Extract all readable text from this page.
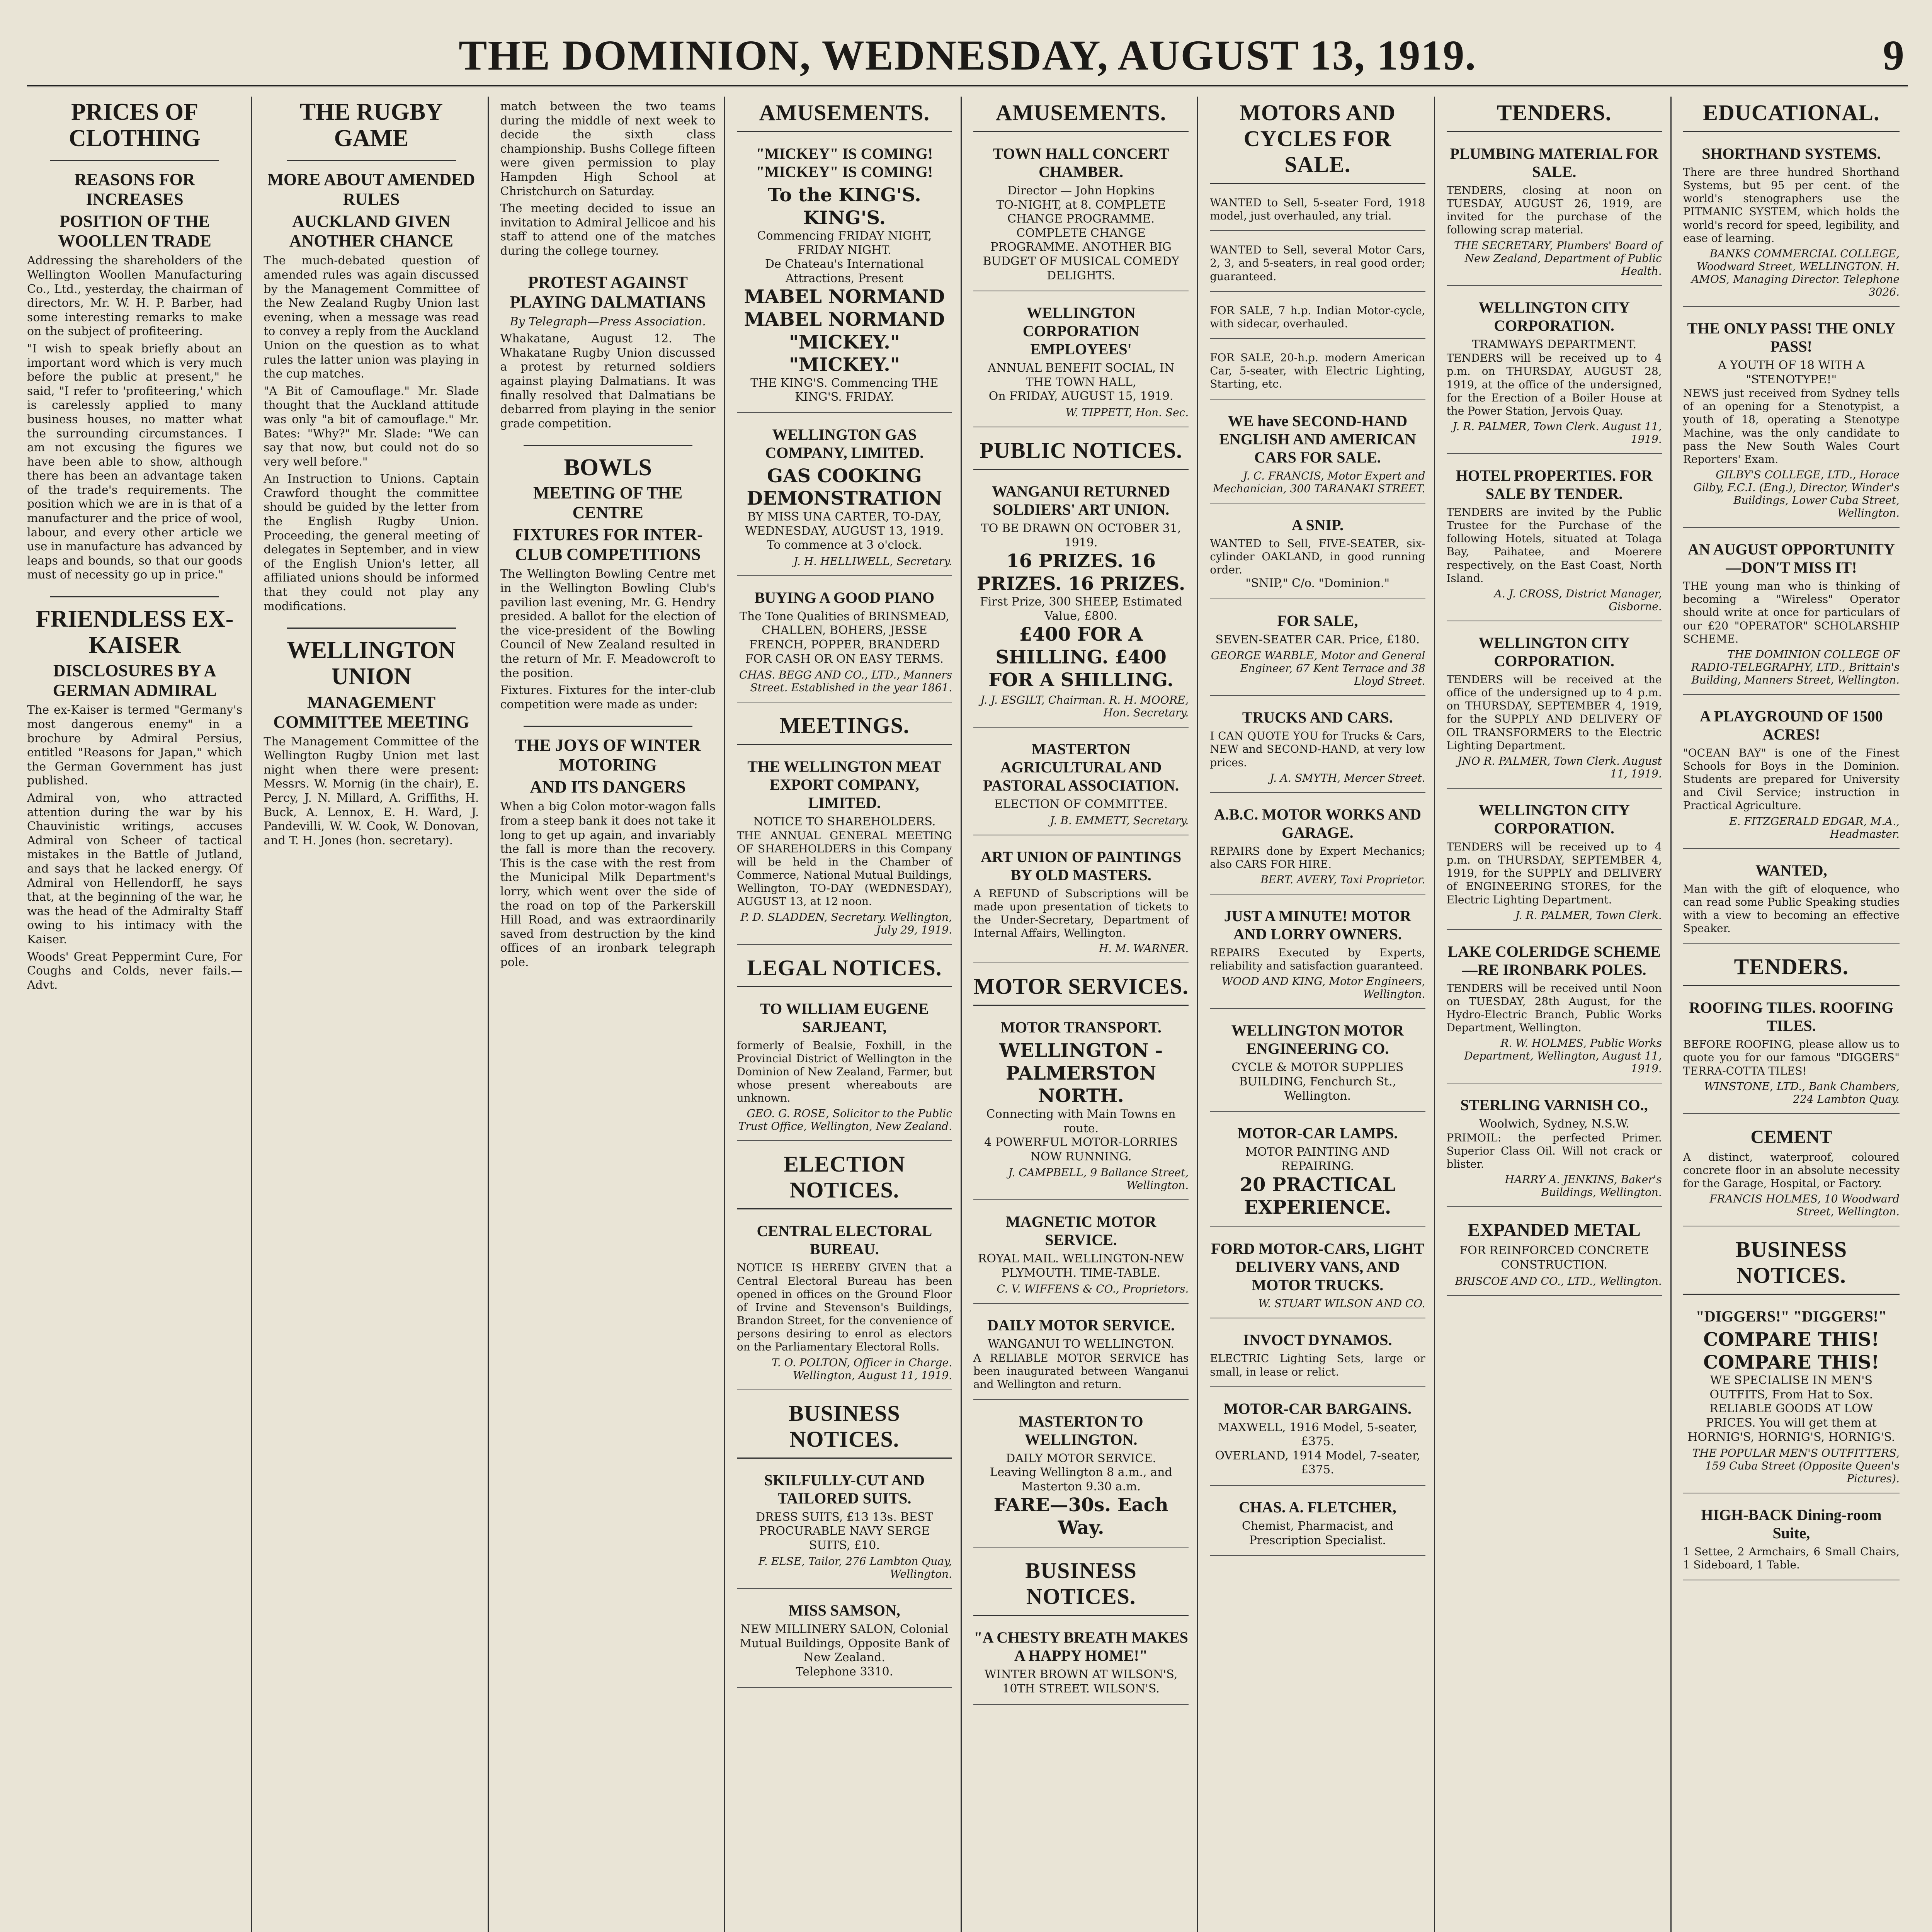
THE DOMINION, WEDNESDAY, AUGUST 13, 1919.	9
PRICES OF CLOTHING
REASONS FOR INCREASES
POSITION OF THE WOOLLEN TRADE

Addressing the shareholders of the Wellington Woollen Manufacturing Co., Ltd., yesterday, the chairman of directors, Mr. W. H. P. Barber, had some interesting remarks to make on the subject of profiteering.

"I wish to speak briefly about an important word which is very much before the public at present," he said, "I refer to 'profiteering,' which is carelessly applied to many business houses, no matter what the surrounding circumstances. I am not excusing the figures we have been able to show, although there has been an advantage taken of the trade's requirements. The position which we are in is that of a manufacturer and the price of wool, labour, and every other article we use in manufacture has advanced by leaps and bounds, so that our goods must of necessity go up in price."

FRIENDLESS EX-KAISER
DISCLOSURES BY A GERMAN ADMIRAL

The ex-Kaiser is termed "Germany's most dangerous enemy" in a brochure by Admiral Persius, entitled "Reasons for Japan," which the German Government has just published.

Admiral von, who attracted attention during the war by his Chauvinistic writings, accuses Admiral von Scheer of tactical mistakes in the Battle of Jutland, and says that he lacked energy. Of Admiral von Hellendorff, he says that, at the beginning of the war, he was the head of the Admiralty Staff owing to his intimacy with the Kaiser.

Woods' Great Peppermint Cure, For Coughs and Colds, never fails.—Advt.

THE RUGBY GAME
MORE ABOUT AMENDED RULES
AUCKLAND GIVEN ANOTHER CHANCE

The much-debated question of amended rules was again discussed by the Management Committee of the New Zealand Rugby Union last evening, when a message was read to convey a reply from the Auckland Union on the question as to what rules the latter union was playing in the cup matches.

"A Bit of Camouflage." Mr. Slade thought that the Auckland attitude was only "a bit of camouflage." Mr. Bates: "Why?" Mr. Slade: "We can say that now, but could not do so very well before."

An Instruction to Unions. Captain Crawford thought the committee should be guided by the letter from the English Rugby Union. Proceeding, the general meeting of delegates in September, and in view of the English Union's letter, all affiliated unions should be informed that they could not play any modifications.

WELLINGTON UNION
MANAGEMENT COMMITTEE MEETING

The Management Committee of the Wellington Rugby Union met last night when there were present: Messrs. W. Mornig (in the chair), E. Percy, J. N. Millard, A. Griffiths, H. Buck, A. Lennox, E. H. Ward, J. Pandevilli, W. W. Cook, W. Donovan, and T. H. Jones (hon. secretary).

match between the two teams during the middle of next week to decide the sixth class championship. Bushs College fifteen were given permission to play Hampden High School at Christchurch on Saturday.

The meeting decided to issue an invitation to Admiral Jellicoe and his staff to attend one of the matches during the college tourney.

PROTEST AGAINST PLAYING DALMATIANS
By Telegraph—Press Association.

Whakatane, August 12. The Whakatane Rugby Union discussed a protest by returned soldiers against playing Dalmatians. It was finally resolved that Dalmatians be debarred from playing in the senior grade competition.

BOWLS
MEETING OF THE CENTRE
FIXTURES FOR INTER-CLUB COMPETITIONS

The Wellington Bowling Centre met in the Wellington Bowling Club's pavilion last evening, Mr. G. Hendry presided. A ballot for the election of the vice-president of the Bowling Council of New Zealand resulted in the return of Mr. F. Meadowcroft to the position.

Fixtures. Fixtures for the inter-club competition were made as under:

THE JOYS OF WINTER MOTORING
AND ITS DANGERS

When a big Colon motor-wagon falls from a steep bank it does not take it long to get up again, and invariably the fall is more than the recovery. This is the case with the rest from the Municipal Milk Department's lorry, which went over the side of the road on top of the Parkerskill Hill Road, and was extraordinarily saved from destruction by the kind offices of an ironbark telegraph pole.

AMUSEMENTS.
"MICKEY" IS COMING! "MICKEY" IS COMING!
To the KING'S. KING'S.
Commencing FRIDAY NIGHT, FRIDAY NIGHT.
De Chateau's International Attractions, Present
MABEL NORMAND MABEL NORMAND
"MICKEY." "MICKEY."
THE KING'S. Commencing THE KING'S. FRIDAY.
WELLINGTON GAS COMPANY, LIMITED.
GAS COOKING DEMONSTRATION
BY MISS UNA CARTER, TO-DAY, WEDNESDAY, AUGUST 13, 1919.
To commence at 3 o'clock.
J. H. HELLIWELL, Secretary.
BUYING A GOOD PIANO
The Tone Qualities of BRINSMEAD, CHALLEN, BOHERS, JESSE FRENCH, POPPER, BRANDERD
FOR CASH OR ON EASY TERMS.
CHAS. BEGG AND CO., LTD., Manners Street. Established in the year 1861.
MEETINGS.
THE WELLINGTON MEAT EXPORT COMPANY, LIMITED.
NOTICE TO SHAREHOLDERS.
THE ANNUAL GENERAL MEETING OF SHAREHOLDERS in this Company will be held in the Chamber of Commerce, National Mutual Buildings, Wellington, TO-DAY (WEDNESDAY), AUGUST 13, at 12 noon.
P. D. SLADDEN, Secretary. Wellington, July 29, 1919.
LEGAL NOTICES.
TO WILLIAM EUGENE SARJEANT,
formerly of Bealsie, Foxhill, in the Provincial District of Wellington in the Dominion of New Zealand, Farmer, but whose present whereabouts are unknown.
GEO. G. ROSE, Solicitor to the Public Trust Office, Wellington, New Zealand.
ELECTION NOTICES.
CENTRAL ELECTORAL BUREAU.
NOTICE IS HEREBY GIVEN that a Central Electoral Bureau has been opened in offices on the Ground Floor of Irvine and Stevenson's Buildings, Brandon Street, for the convenience of persons desiring to enrol as electors on the Parliamentary Electoral Rolls.
T. O. POLTON, Officer in Charge. Wellington, August 11, 1919.
BUSINESS NOTICES.
SKILFULLY-CUT AND TAILORED SUITS.
DRESS SUITS, £13 13s. BEST PROCURABLE NAVY SERGE SUITS, £10.
F. ELSE, Tailor, 276 Lambton Quay, Wellington.
MISS SAMSON,
NEW MILLINERY SALON, Colonial Mutual Buildings, Opposite Bank of New Zealand.
Telephone 3310.
AMUSEMENTS.
TOWN HALL CONCERT CHAMBER.
Director — John Hopkins
TO-NIGHT, at 8. COMPLETE CHANGE PROGRAMME. COMPLETE CHANGE PROGRAMME. ANOTHER BIG BUDGET OF MUSICAL COMEDY DELIGHTS.
WELLINGTON CORPORATION EMPLOYEES'
ANNUAL BENEFIT SOCIAL, IN THE TOWN HALL,
On FRIDAY, AUGUST 15, 1919.
W. TIPPETT, Hon. Sec.
PUBLIC NOTICES.
WANGANUI RETURNED SOLDIERS' ART UNION.
TO BE DRAWN ON OCTOBER 31, 1919.
16 PRIZES. 16 PRIZES. 16 PRIZES.
First Prize, 300 SHEEP, Estimated Value, £800.
£400 FOR A SHILLING. £400 FOR A SHILLING.
J. J. ESGILT, Chairman. R. H. MOORE, Hon. Secretary.
MASTERTON AGRICULTURAL AND PASTORAL ASSOCIATION.
ELECTION OF COMMITTEE.
J. B. EMMETT, Secretary.
ART UNION OF PAINTINGS BY OLD MASTERS.
A REFUND of Subscriptions will be made upon presentation of tickets to the Under-Secretary, Department of Internal Affairs, Wellington.
H. M. WARNER.
MOTOR SERVICES.
MOTOR TRANSPORT.
WELLINGTON - PALMERSTON NORTH.
Connecting with Main Towns en route.
4 POWERFUL MOTOR-LORRIES NOW RUNNING.
J. CAMPBELL, 9 Ballance Street, Wellington.
MAGNETIC MOTOR SERVICE.
ROYAL MAIL. WELLINGTON-NEW PLYMOUTH. TIME-TABLE.
C. V. WIFFENS & CO., Proprietors.
DAILY MOTOR SERVICE.
WANGANUI TO WELLINGTON.
A RELIABLE MOTOR SERVICE has been inaugurated between Wanganui and Wellington and return.
MASTERTON TO WELLINGTON.
DAILY MOTOR SERVICE.
Leaving Wellington 8 a.m., and Masterton 9.30 a.m.
FARE—30s. Each Way.
BUSINESS NOTICES.
"A CHESTY BREATH MAKES A HAPPY HOME!"
WINTER BROWN AT WILSON'S, 10TH STREET. WILSON'S.
MOTORS AND CYCLES FOR SALE.
WANTED to Sell, 5-seater Ford, 1918 model, just overhauled, any trial.
WANTED to Sell, several Motor Cars, 2, 3, and 5-seaters, in real good order; guaranteed.
FOR SALE, 7 h.p. Indian Motor-cycle, with sidecar, overhauled.
FOR SALE, 20-h.p. modern American Car, 5-seater, with Electric Lighting, Starting, etc.
WE have SECOND-HAND ENGLISH AND AMERICAN CARS FOR SALE.
J. C. FRANCIS, Motor Expert and Mechanician, 300 TARANAKI STREET.
A SNIP.
WANTED to Sell, FIVE-SEATER, six-cylinder OAKLAND, in good running order.
"SNIP," C/o. "Dominion."
FOR SALE,
SEVEN-SEATER CAR. Price, £180.
GEORGE WARBLE, Motor and General Engineer, 67 Kent Terrace and 38 Lloyd Street.
TRUCKS AND CARS.
I CAN QUOTE YOU for Trucks & Cars, NEW and SECOND-HAND, at very low prices.
J. A. SMYTH, Mercer Street.
A.B.C. MOTOR WORKS AND GARAGE.
REPAIRS done by Expert Mechanics; also CARS FOR HIRE.
BERT. AVERY, Taxi Proprietor.
JUST A MINUTE! MOTOR AND LORRY OWNERS.
REPAIRS Executed by Experts, reliability and satisfaction guaranteed.
WOOD AND KING, Motor Engineers, Wellington.
WELLINGTON MOTOR ENGINEERING CO.
CYCLE & MOTOR SUPPLIES BUILDING, Fenchurch St., Wellington.
MOTOR-CAR LAMPS.
MOTOR PAINTING AND REPAIRING.
20 PRACTICAL EXPERIENCE.
FORD MOTOR-CARS, LIGHT DELIVERY VANS, AND MOTOR TRUCKS.
W. STUART WILSON AND CO.
INVOCT DYNAMOS.
ELECTRIC Lighting Sets, large or small, in lease or relict.
MOTOR-CAR BARGAINS.
MAXWELL, 1916 Model, 5-seater, £375.
OVERLAND, 1914 Model, 7-seater, £375.
CHAS. A. FLETCHER,
Chemist, Pharmacist, and Prescription Specialist.
TENDERS.
PLUMBING MATERIAL FOR SALE.
TENDERS, closing at noon on TUESDAY, AUGUST 26, 1919, are invited for the purchase of the following scrap material.
THE SECRETARY, Plumbers' Board of New Zealand, Department of Public Health.
WELLINGTON CITY CORPORATION.
TRAMWAYS DEPARTMENT.
TENDERS will be received up to 4 p.m. on THURSDAY, AUGUST 28, 1919, at the office of the undersigned, for the Erection of a Boiler House at the Power Station, Jervois Quay.
J. R. PALMER, Town Clerk. August 11, 1919.
HOTEL PROPERTIES. FOR SALE BY TENDER.
TENDERS are invited by the Public Trustee for the Purchase of the following Hotels, situated at Tolaga Bay, Paihatee, and Moerere respectively, on the East Coast, North Island.
A. J. CROSS, District Manager, Gisborne.
WELLINGTON CITY CORPORATION.
TENDERS will be received at the office of the undersigned up to 4 p.m. on THURSDAY, SEPTEMBER 4, 1919, for the SUPPLY AND DELIVERY OF OIL TRANSFORMERS to the Electric Lighting Department.
JNO R. PALMER, Town Clerk. August 11, 1919.
WELLINGTON CITY CORPORATION.
TENDERS will be received up to 4 p.m. on THURSDAY, SEPTEMBER 4, 1919, for the SUPPLY and DELIVERY of ENGINEERING STORES, for the Electric Lighting Department.
J. R. PALMER, Town Clerk.
LAKE COLERIDGE SCHEME—RE IRONBARK POLES.
TENDERS will be received until Noon on TUESDAY, 28th August, for the Hydro-Electric Branch, Public Works Department, Wellington.
R. W. HOLMES, Public Works Department, Wellington, August 11, 1919.
STERLING VARNISH CO.,
Woolwich, Sydney, N.S.W.
PRIMOIL: the perfected Primer. Superior Class Oil. Will not crack or blister.
HARRY A. JENKINS, Baker's Buildings, Wellington.
EXPANDED METAL
FOR REINFORCED CONCRETE CONSTRUCTION.
BRISCOE AND CO., LTD., Wellington.
EDUCATIONAL.
SHORTHAND SYSTEMS.
There are three hundred Shorthand Systems, but 95 per cent. of the world's stenographers use the PITMANIC SYSTEM, which holds the world's record for speed, legibility, and ease of learning.
BANKS COMMERCIAL COLLEGE, Woodward Street, WELLINGTON. H. AMOS, Managing Director. Telephone 3026.
THE ONLY PASS! THE ONLY PASS!
A YOUTH OF 18 WITH A "STENOTYPE!"
NEWS just received from Sydney tells of an opening for a Stenotypist, a youth of 18, operating a Stenotype Machine, was the only candidate to pass the New South Wales Court Reporters' Exam.
GILBY'S COLLEGE, LTD., Horace Gilby, F.C.I. (Eng.), Director, Winder's Buildings, Lower Cuba Street, Wellington.
AN AUGUST OPPORTUNITY —DON'T MISS IT!
THE young man who is thinking of becoming a "Wireless" Operator should write at once for particulars of our £20 "OPERATOR" SCHOLARSHIP SCHEME.
THE DOMINION COLLEGE OF RADIO-TELEGRAPHY, LTD., Brittain's Building, Manners Street, Wellington.
A PLAYGROUND OF 1500 ACRES!
"OCEAN BAY" is one of the Finest Schools for Boys in the Dominion. Students are prepared for University and Civil Service; instruction in Practical Agriculture.
E. FITZGERALD EDGAR, M.A., Headmaster.
WANTED,
Man with the gift of eloquence, who can read some Public Speaking studies with a view to becoming an effective Speaker.
TENDERS.
ROOFING TILES. ROOFING TILES.
BEFORE ROOFING, please allow us to quote you for our famous "DIGGERS" TERRA-COTTA TILES!
WINSTONE, LTD., Bank Chambers, 224 Lambton Quay.
CEMENT
A distinct, waterproof, coloured concrete floor in an absolute necessity for the Garage, Hospital, or Factory.
FRANCIS HOLMES, 10 Woodward Street, Wellington.
BUSINESS NOTICES.
"DIGGERS!" "DIGGERS!"
COMPARE THIS! COMPARE THIS!
WE SPECIALISE IN MEN'S OUTFITS, From Hat to Sox.
RELIABLE GOODS AT LOW PRICES. You will get them at HORNIG'S, HORNIG'S, HORNIG'S.
THE POPULAR MEN'S OUTFITTERS, 159 Cuba Street (Opposite Queen's Pictures).
HIGH-BACK Dining-room Suite,
1 Settee, 2 Armchairs, 6 Small Chairs, 1 Sideboard, 1 Table.
